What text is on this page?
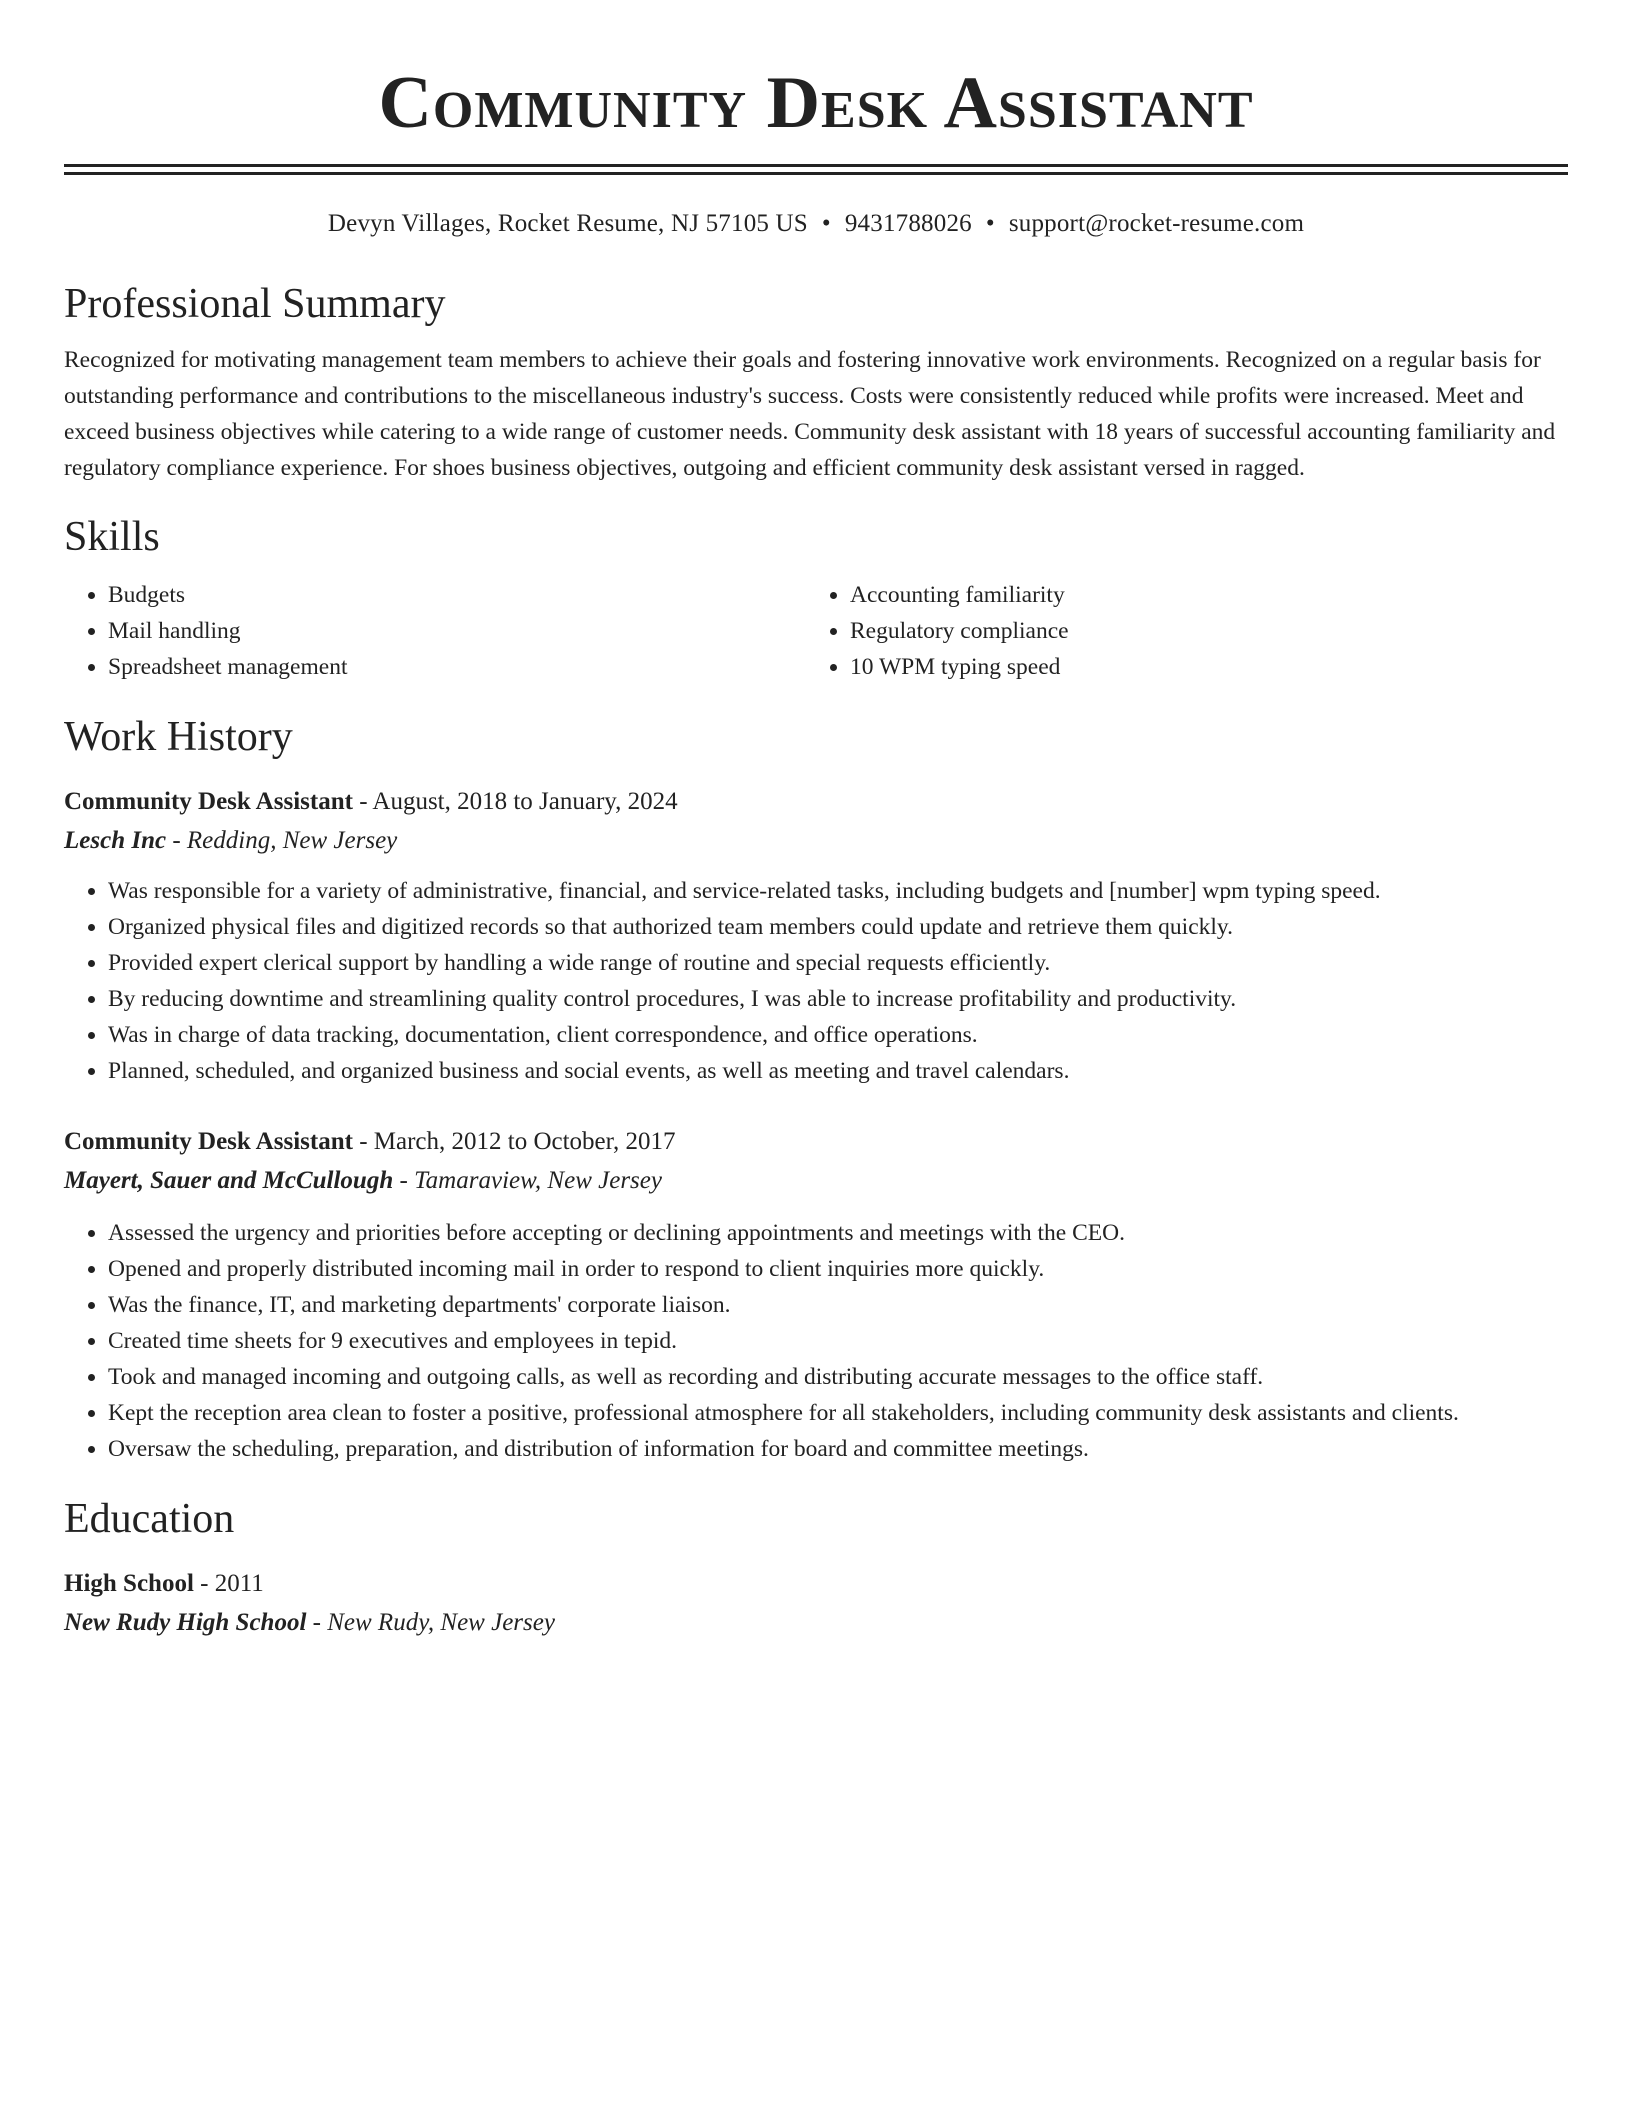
Community Desk Assistant
Devyn Villages, Rocket Resume, NJ 57105 US • 9431788026 • support@rocket-resume.com
Professional Summary
Recognized for motivating management team members to achieve their goals and fostering innovative work environments. Recognized on a regular basis for outstanding performance and contributions to the miscellaneous industry's success. Costs were consistently reduced while profits were increased. Meet and exceed business objectives while catering to a wide range of customer needs. Community desk assistant with 18 years of successful accounting familiarity and regulatory compliance experience. For shoes business objectives, outgoing and efficient community desk assistant versed in ragged.
Skills
• Budgets
• Mail handling
• Spreadsheet management
• Accounting familiarity
• Regulatory compliance
• 10 WPM typing speed
Work History
Community Desk Assistant - August, 2018 to January, 2024
Lesch Inc - Redding, New Jersey
• Was responsible for a variety of administrative, financial, and service-related tasks, including budgets and [number] wpm typing speed.
• Organized physical files and digitized records so that authorized team members could update and retrieve them quickly.
• Provided expert clerical support by handling a wide range of routine and special requests efficiently.
• By reducing downtime and streamlining quality control procedures, I was able to increase profitability and productivity.
• Was in charge of data tracking, documentation, client correspondence, and office operations.
• Planned, scheduled, and organized business and social events, as well as meeting and travel calendars.
Community Desk Assistant - March, 2012 to October, 2017
Mayert, Sauer and McCullough - Tamaraview, New Jersey
• Assessed the urgency and priorities before accepting or declining appointments and meetings with the CEO.
• Opened and properly distributed incoming mail in order to respond to client inquiries more quickly.
• Was the finance, IT, and marketing departments' corporate liaison.
• Created time sheets for 9 executives and employees in tepid.
• Took and managed incoming and outgoing calls, as well as recording and distributing accurate messages to the office staff.
• Kept the reception area clean to foster a positive, professional atmosphere for all stakeholders, including community desk assistants and clients.
• Oversaw the scheduling, preparation, and distribution of information for board and committee meetings.
Education
High School - 2011
New Rudy High School - New Rudy, New Jersey
